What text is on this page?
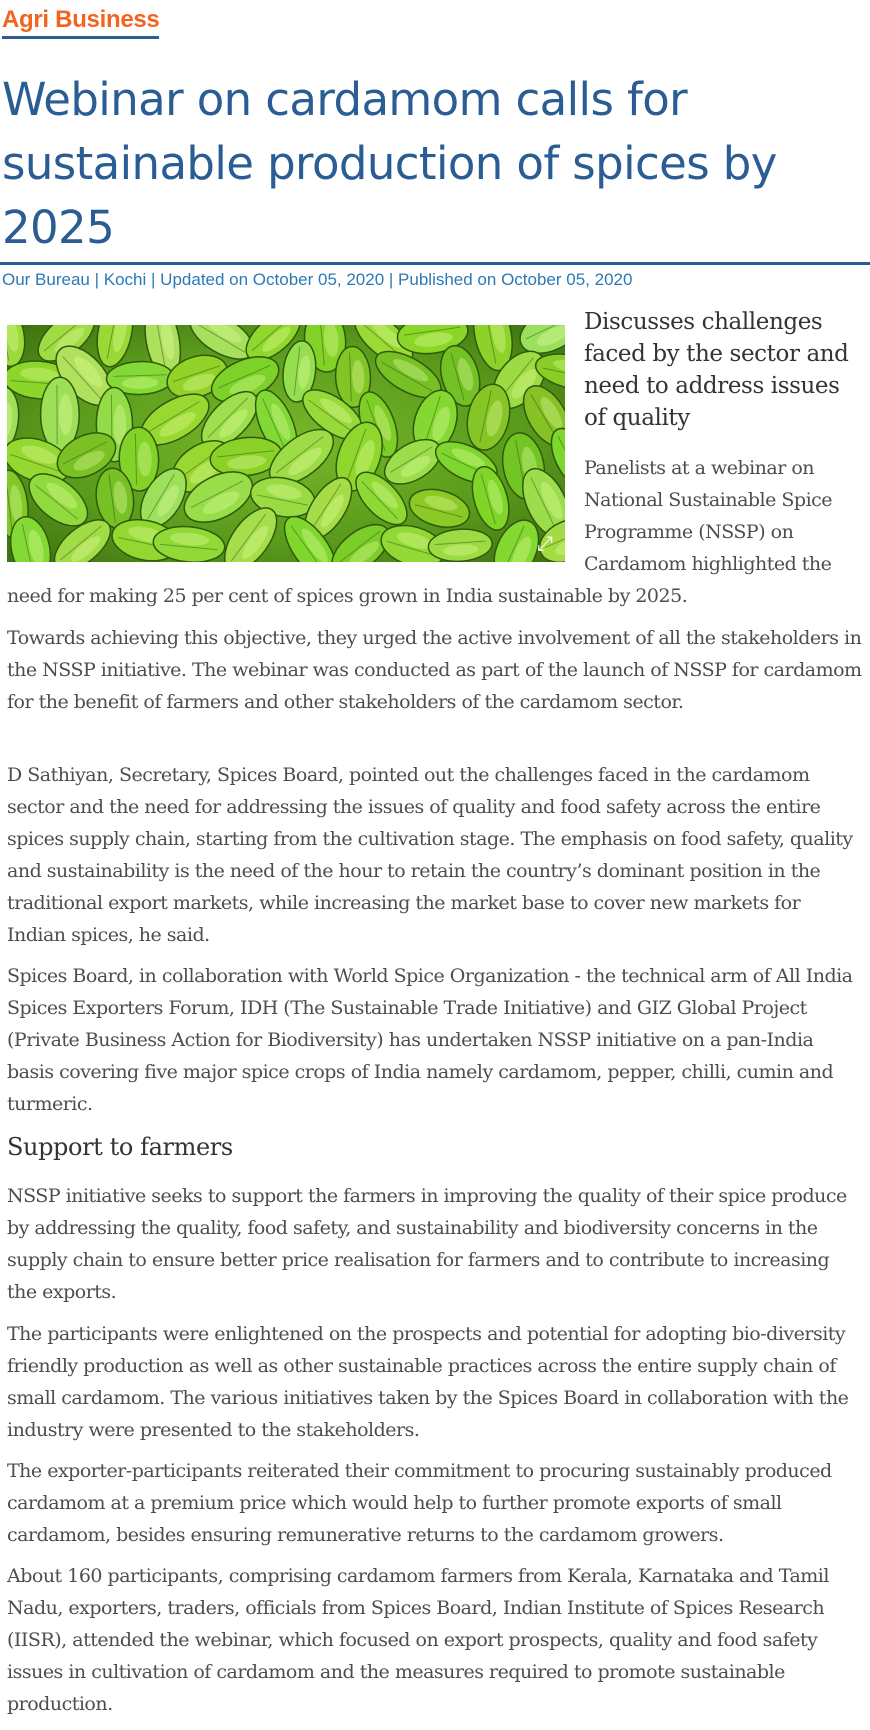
Agri Business
Webinar on cardamom calls for sustainable production of spices by 2025
Our Bureau | Kochi | Updated on October 05, 2020 | Published on October 05, 2020
⤢
Discusses challenges faced by the sector and need to address issues of quality
Panelists at a webinar on National Sustainable Spice Programme (NSSP) on Cardamom highlighted the

need for making 25 per cent of spices grown in India sustainable by 2025.

Towards achieving this objective, they urged the active involvement of all the stakeholders in the NSSP initiative. The webinar was conducted as part of the launch of NSSP for cardamom for the benefit of farmers and other stakeholders of the cardamom sector.

D Sathiyan, Secretary, Spices Board, pointed out the challenges faced in the cardamom sector and the need for addressing the issues of quality and food safety across the entire spices supply chain, starting from the cultivation stage. The emphasis on food safety, quality and sustainability is the need of the hour to retain the country’s dominant position in the traditional export markets, while increasing the market base to cover new markets for Indian spices, he said.

Spices Board, in collaboration with World Spice Organization - the technical arm of All India Spices Exporters Forum, IDH (The Sustainable Trade Initiative) and GIZ Global Project (Private Business Action for Biodiversity) has undertaken NSSP initiative on a pan-India basis covering five major spice crops of India namely cardamom, pepper, chilli, cumin and turmeric.

Support to farmers

NSSP initiative seeks to support the farmers in improving the quality of their spice produce by addressing the quality, food safety, and sustainability and biodiversity concerns in the supply chain to ensure better price realisation for farmers and to contribute to increasing the exports.

The participants were enlightened on the prospects and potential for adopting bio-diversity friendly production as well as other sustainable practices across the entire supply chain of small cardamom. The various initiatives taken by the Spices Board in collaboration with the industry were presented to the stakeholders.

The exporter-participants reiterated their commitment to procuring sustainably produced cardamom at a premium price which would help to further promote exports of small cardamom, besides ensuring remunerative returns to the cardamom growers.

About 160 participants, comprising cardamom farmers from Kerala, Karnataka and Tamil Nadu, exporters, traders, officials from Spices Board, Indian Institute of Spices Research (IISR), attended the webinar, which focused on export prospects, quality and food safety issues in cultivation of cardamom and the measures required to promote sustainable production.
